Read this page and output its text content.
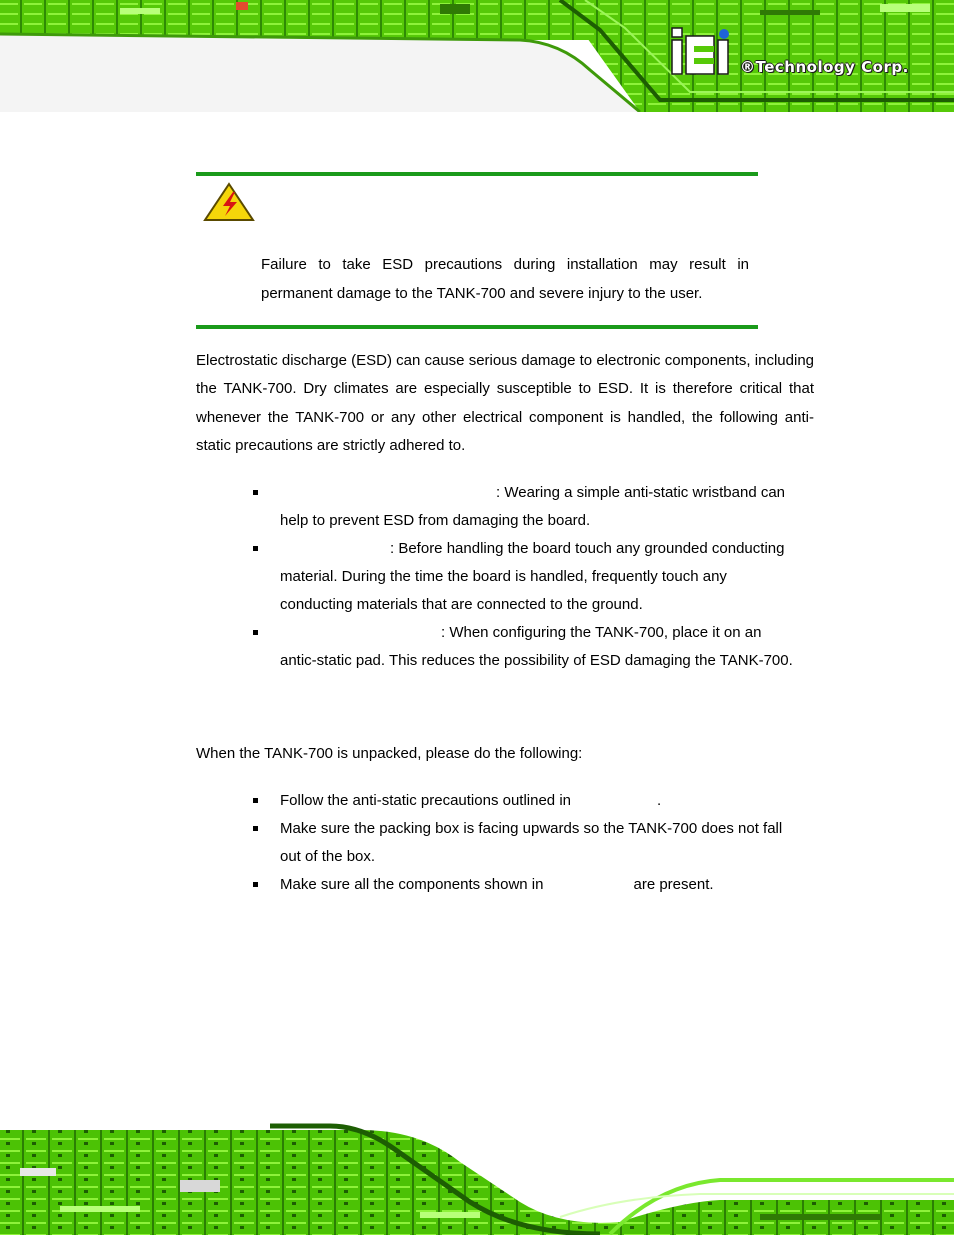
®Technology Corp.
Failure to take ESD precautions during installation may result in
permanent damage to the TANK-700 and severe injury to the user.
Electrostatic discharge (ESD) can cause serious damage to electronic components, including the TANK-700. Dry climates are especially susceptible to ESD. It is therefore critical that whenever the TANK-700 or any other electrical component is handled, the following anti-static precautions are strictly adhered to.
: Wearing a simple anti-static wristband can
help to prevent ESD from damaging the board.
: Before handling the board touch any grounded conducting
material. During the time the board is handled, frequently touch any
conducting materials that are connected to the ground.
: When configuring the TANK-700, place it on an
antic-static pad. This reduces the possibility of ESD damaging the TANK-700.
When the TANK-700 is unpacked, please do the following:
Follow the anti-static precautions outlined in	.
Make sure the packing box is facing upwards so the TANK-700 does not fall
out of the box.
Make sure all the components shown in	are present.
